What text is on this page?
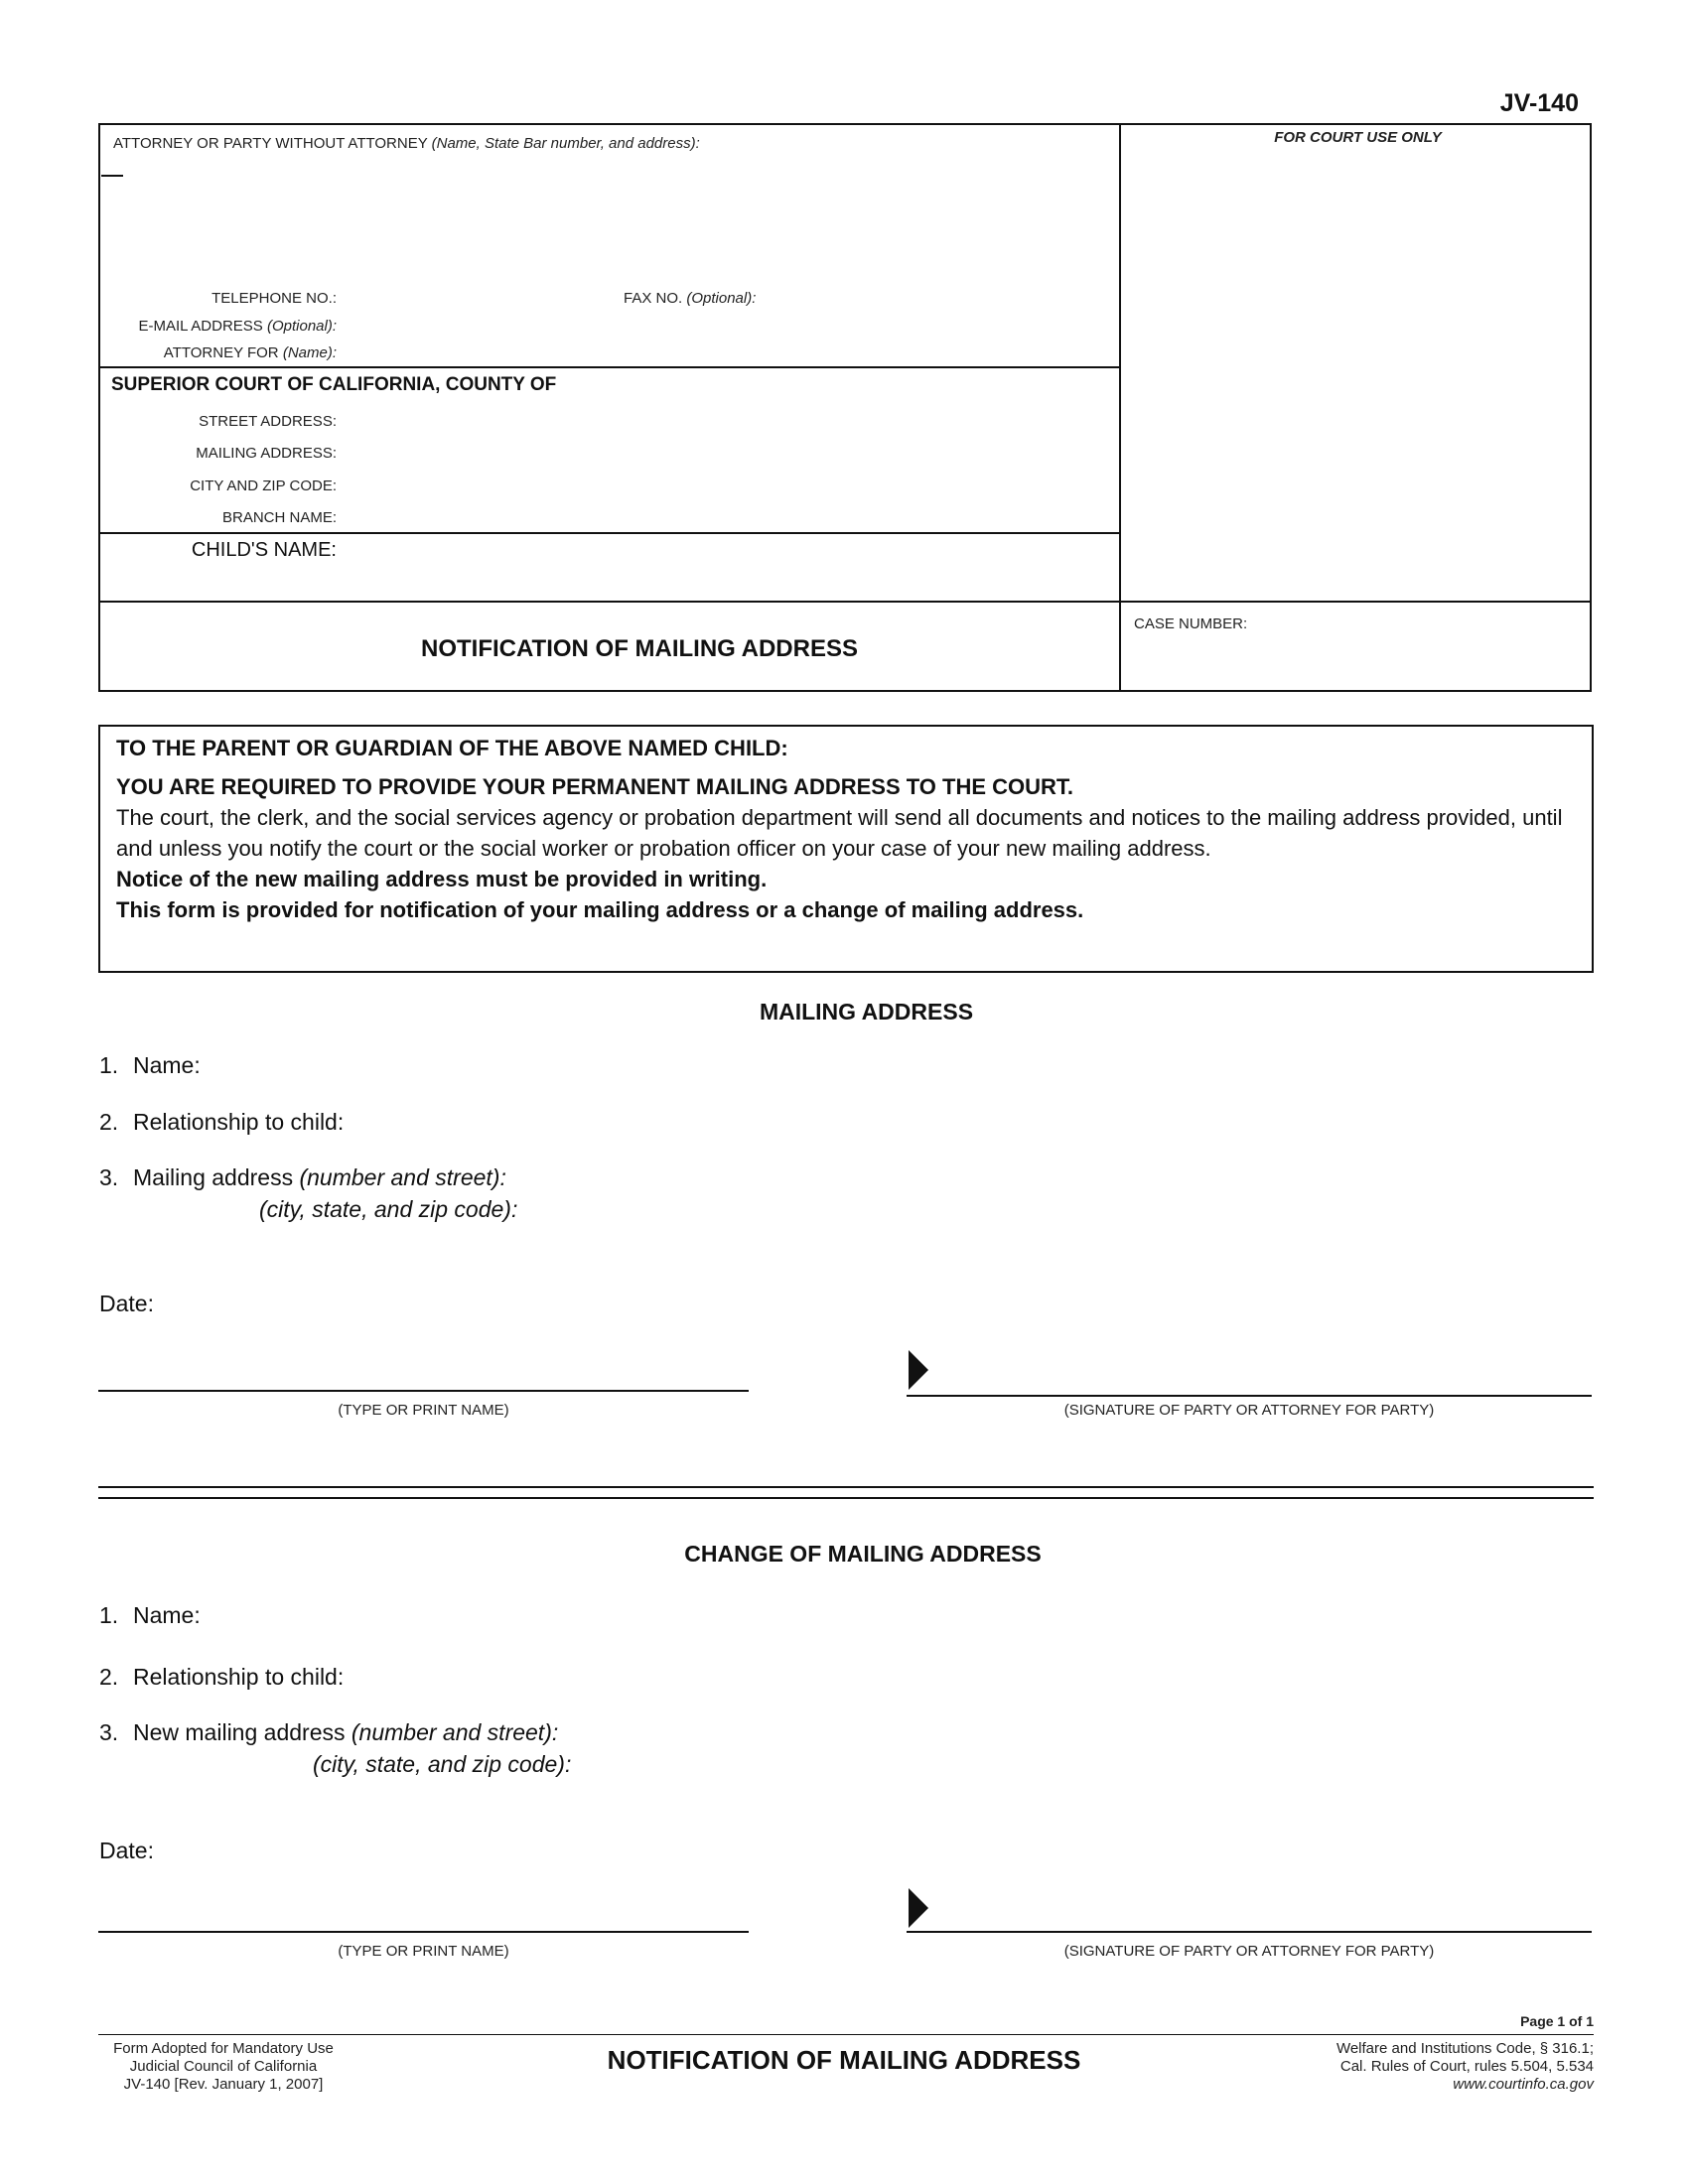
JV-140
ATTORNEY OR PARTY WITHOUT ATTORNEY (Name, State Bar number, and address):	FOR COURT USE ONLY
TELEPHONE NO.:	FAX NO. (Optional):
E-MAIL ADDRESS (Optional):
ATTORNEY FOR (Name):
SUPERIOR COURT OF CALIFORNIA, COUNTY OF
STREET ADDRESS:
MAILING ADDRESS:
CITY AND ZIP CODE:
BRANCH NAME:
CHILD'S NAME:
NOTIFICATION OF MAILING ADDRESS
CASE NUMBER:
TO THE PARENT OR GUARDIAN OF THE ABOVE NAMED CHILD:
YOU ARE REQUIRED TO PROVIDE YOUR PERMANENT MAILING ADDRESS TO THE COURT.
The court, the clerk, and the social services agency or probation department will send all documents and notices to the mailing address provided, until and unless you notify the court or the social worker or probation officer on your case of your new mailing address.
Notice of the new mailing address must be provided in writing.
This form is provided for notification of your mailing address or a change of mailing address.
MAILING ADDRESS
1. Name:
2. Relationship to child:
3. Mailing address (number and street):
(city, state, and zip code):
Date:
(TYPE OR PRINT NAME)	(SIGNATURE OF PARTY OR ATTORNEY FOR PARTY)
CHANGE OF MAILING ADDRESS
1. Name:
2. Relationship to child:
3. New mailing address (number and street):
(city, state, and zip code):
Date:
(TYPE OR PRINT NAME)	(SIGNATURE OF PARTY OR ATTORNEY FOR PARTY)
Page 1 of 1
Form Adopted for Mandatory Use
Judicial Council of California
JV-140 [Rev. January 1, 2007]
NOTIFICATION OF MAILING ADDRESS	Welfare and Institutions Code, § 316.1;
Cal. Rules of Court, rules 5.504, 5.534
www.courtinfo.ca.gov
